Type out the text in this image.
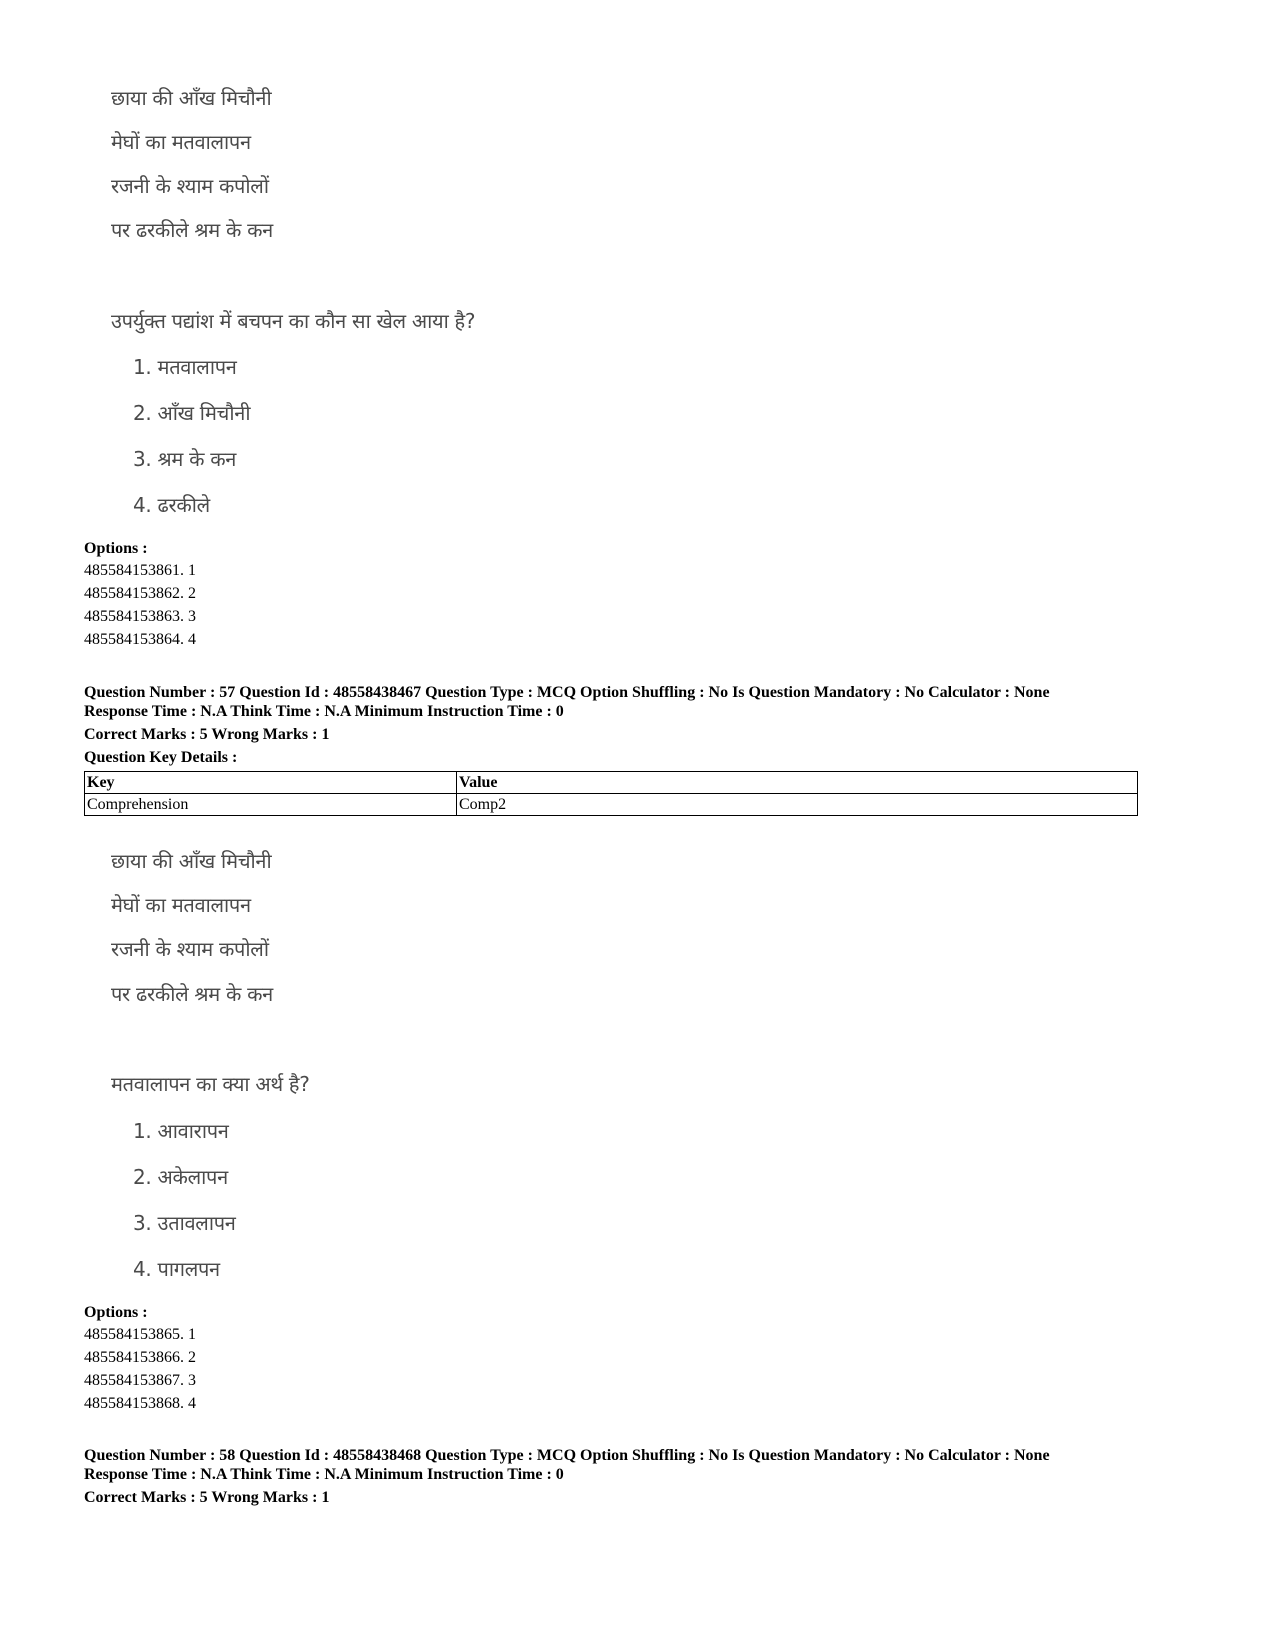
छाया की आँख मिचौनी
मेघों का मतवालापन
रजनी के श्याम कपोलों
पर ढरकीले श्रम के कन
उपर्युक्त पद्यांश में बचपन का कौन सा खेल आया है?
1. मतवालापन
2. आँख मिचौनी
3. श्रम के कन
4. ढरकीले
Options :
485584153861. 1
485584153862. 2
485584153863. 3
485584153864. 4
Question Number : 57 Question Id : 48558438467 Question Type : MCQ Option Shuffling : No Is Question Mandatory : No Calculator : None
Response Time : N.A Think Time : N.A Minimum Instruction Time : 0
Correct Marks : 5 Wrong Marks : 1
Question Key Details :
Key	Value
Comprehension	Comp2
छाया की आँख मिचौनी
मेघों का मतवालापन
रजनी के श्याम कपोलों
पर ढरकीले श्रम के कन
मतवालापन का क्या अर्थ है?
1. आवारापन
2. अकेलापन
3. उतावलापन
4. पागलपन
Options :
485584153865. 1
485584153866. 2
485584153867. 3
485584153868. 4
Question Number : 58 Question Id : 48558438468 Question Type : MCQ Option Shuffling : No Is Question Mandatory : No Calculator : None
Response Time : N.A Think Time : N.A Minimum Instruction Time : 0
Correct Marks : 5 Wrong Marks : 1
